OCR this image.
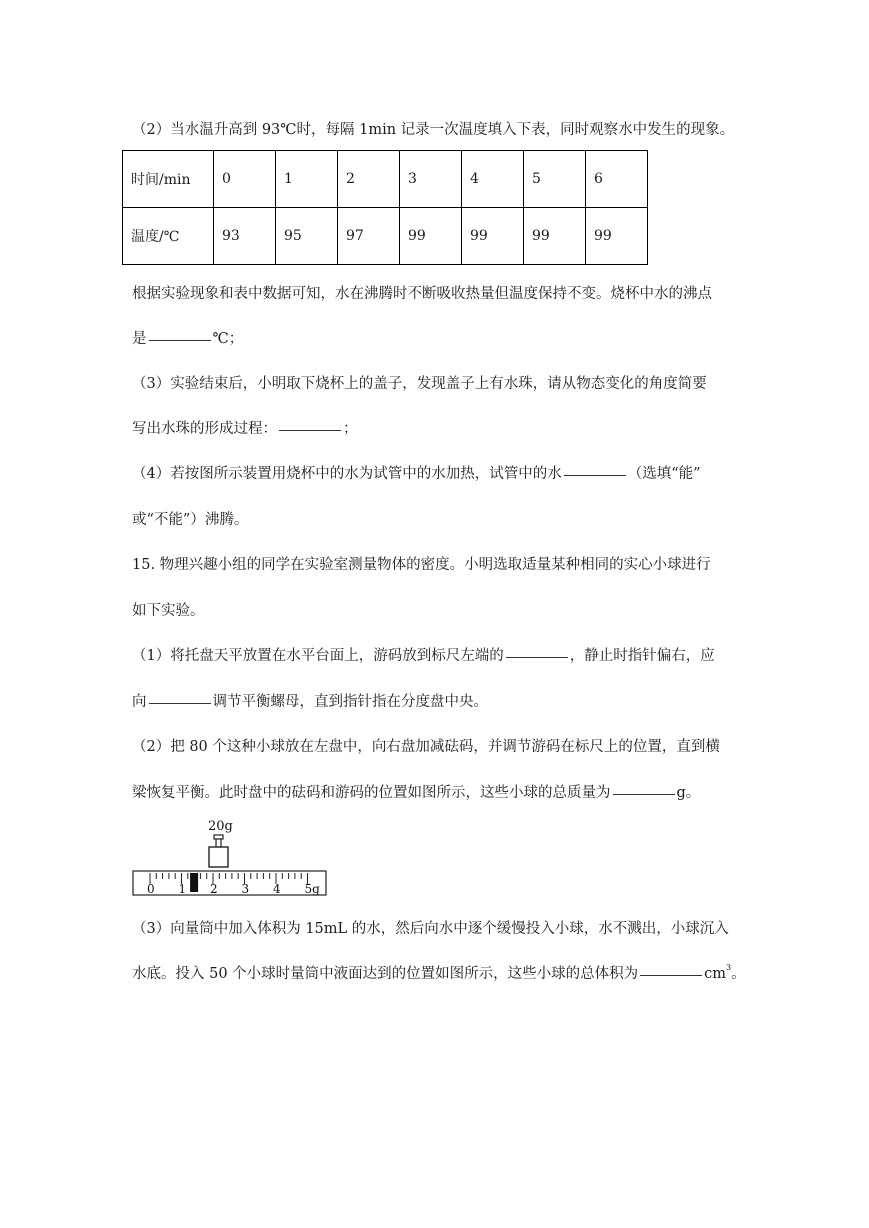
（2）当水温升高到 93℃时，每隔 1min 记录一次温度填入下表，同时观察水中发生的现象。
时间/min	0	1	2	3	4	5	6
温度/℃	93	95	97	99	99	99	99
根据实验现象和表中数据可知，水在沸腾时不断吸收热量但温度保持不变。烧杯中水的沸点
是	℃；
（3）实验结束后，小明取下烧杯上的盖子，发现盖子上有水珠，请从物态变化的角度简要
写出水珠的形成过程：	；
（4）若按图所示装置用烧杯中的水为试管中的水加热，试管中的水	（选填“能”
或“不能”）沸腾。
15. 物理兴趣小组的同学在实验室测量物体的密度。小明选取适量某种相同的实心小球进行
如下实验。
（1）将托盘天平放置在水平台面上，游码放到标尺左端的	，静止时指针偏右，应
向	调节平衡螺母，直到指针指在分度盘中央。
（2）把 80 个这种小球放在左盘中，向右盘加减砝码，并调节游码在标尺上的位置，直到横
梁恢复平衡。此时盘中的砝码和游码的位置如图所示，这些小球的总质量为	g。
20g
0 1 2 3 4 5g
（3）向量筒中加入体积为 15mL 的水，然后向水中逐个缓慢投入小球，水不溅出，小球沉入
水底。投入 50 个小球时量筒中液面达到的位置如图所示，这些小球的总体积为	$cm^3$。
